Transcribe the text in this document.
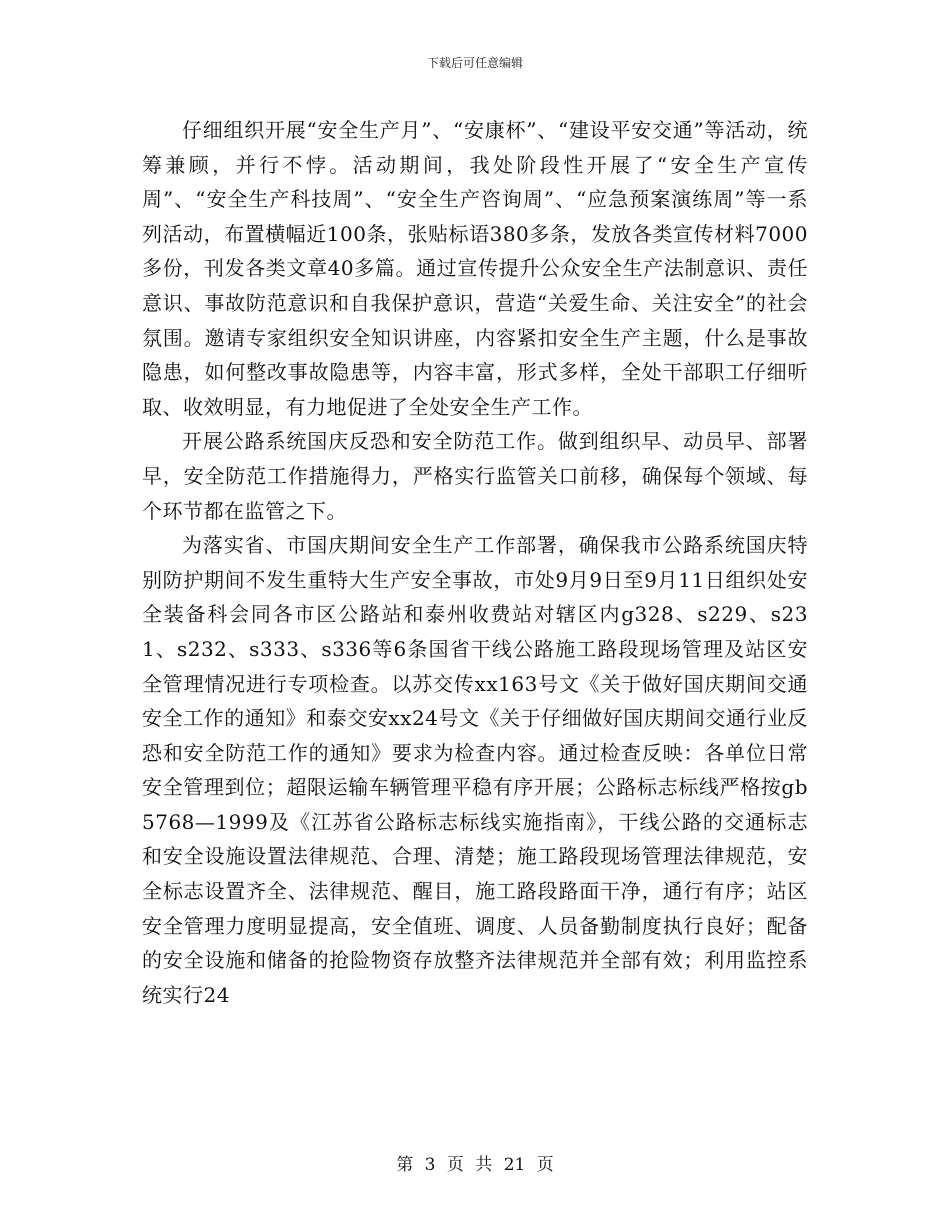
下载后可任意编辑

仔细组织开展“安全生产月”、“安康杯”、“建设平安交通”等活动，统筹兼顾，并行不悖。活动期间，我处阶段性开展了“安全生产宣传周”、“安全生产科技周”、“安全生产咨询周”、“应急预案演练周”等一系列活动，布置横幅近100条，张贴标语380多条，发放各类宣传材料7000多份，刊发各类文章40多篇。通过宣传提升公众安全生产法制意识、责任意识、事故防范意识和自我保护意识，营造“关爱生命、关注安全”的社会氛围。邀请专家组织安全知识讲座，内容紧扣安全生产主题，什么是事故隐患，如何整改事故隐患等，内容丰富，形式多样，全处干部职工仔细听取、收效明显，有力地促进了全处安全生产工作。

开展公路系统国庆反恐和安全防范工作。做到组织早、动员早、部署早，安全防范工作措施得力，严格实行监管关口前移，确保每个领域、每个环节都在监管之下。

为落实省、市国庆期间安全生产工作部署，确保我市公路系统国庆特别防护期间不发生重特大生产安全事故，市处9月9日至9月11日组织处安全装备科会同各市区公路站和泰州收费站对辖区内g328、s229、s231、s232、s333、s336等6条国省干线公路施工路段现场管理及站区安全管理情况进行专项检查。以苏交传xx163号文《关于做好国庆期间交通安全工作的通知》和泰交安xx24号文《关于仔细做好国庆期间交通行业反恐和安全防范工作的通知》要求为检查内容。通过检查反映：各单位日常安全管理到位；超限运输车辆管理平稳有序开展；公路标志标线严格按gb5768—1999及《江苏省公路标志标线实施指南》，干线公路的交通标志和安全设施设置法律规范、合理、清楚；施工路段现场管理法律规范，安全标志设置齐全、法律规范、醒目，施工路段路面干净，通行有序；站区安全管理力度明显提高，安全值班、调度、人员备勤制度执行良好；配备的安全设施和储备的抢险物资存放整齐法律规范并全部有效；利用监控系统实行24

第 3 页 共 21 页
